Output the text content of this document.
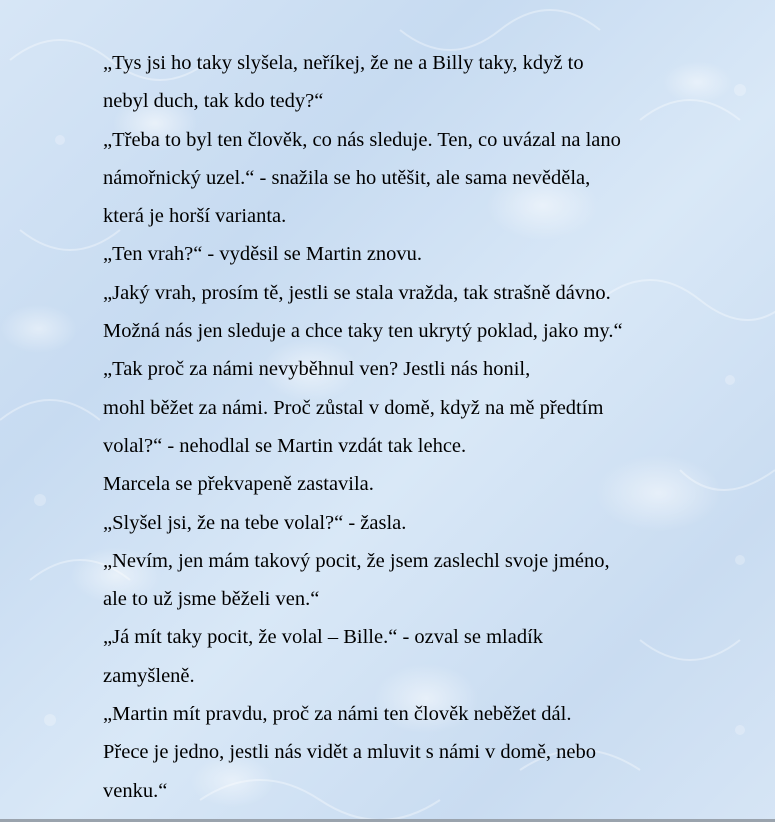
„Tys jsi ho taky slyšela, neříkej, že ne a Billy taky, když to
nebyl duch, tak kdo tedy?“
„Třeba to byl ten člověk, co nás sleduje. Ten, co uvázal na lano
námořnický uzel.“ - snažila se ho utěšit, ale sama nevěděla,
která je horší varianta.
„Ten vrah?“ - vyděsil se Martin znovu.
„Jaký vrah, prosím tě, jestli se stala vražda, tak strašně dávno.
Možná nás jen sleduje a chce taky ten ukrytý poklad, jako my.“
„Tak proč za námi nevyběhnul ven? Jestli nás honil,
mohl běžet za námi. Proč zůstal v domě, když na mě předtím
volal?“ - nehodlal se Martin vzdát tak lehce.
Marcela se překvapeně zastavila.
„Slyšel jsi, že na tebe volal?“ - žasla.
„Nevím, jen mám takový pocit, že jsem zaslechl svoje jméno,
ale to už jsme běželi ven.“
„Já mít taky pocit, že volal – Bille.“ - ozval se mladík
zamyšleně.
„Martin mít pravdu, proč za námi ten člověk neběžet dál.
Přece je jedno, jestli nás vidět a mluvit s námi v domě, nebo
venku.“
